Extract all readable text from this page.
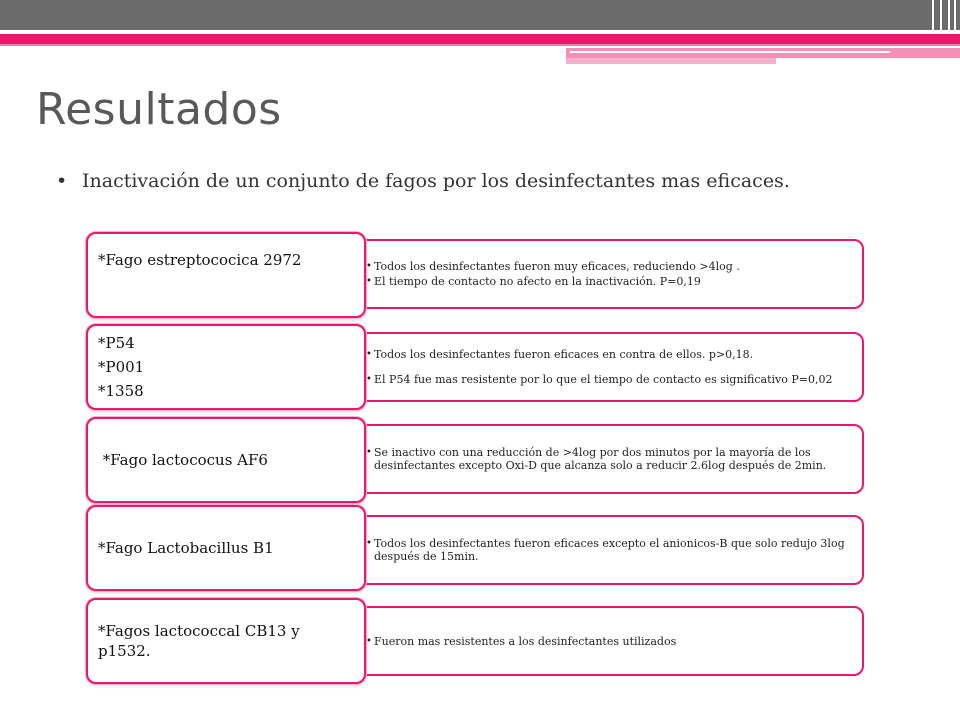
Resultados
• Inactivación de un conjunto de fagos por los desinfectantes mas eficaces.
• Todos los desinfectantes fueron muy eficaces, reduciendo >4log .
• El tiempo de contacto no afecto en la inactivación. P=0,19
*Fago estreptococica 2972
• Todos los desinfectantes fueron eficaces en contra de ellos. p>0,18.
• El P54 fue mas resistente por lo que el tiempo de contacto es significativo P=0,02
*P54
*P001
*1358
• Se inactivo con una reducción de >4log por dos minutos por la mayoría de los desinfectantes excepto Oxi-D que alcanza solo a reducir 2.6log después de 2min.
*Fago lactococus AF6
• Todos los desinfectantes fueron eficaces excepto el anionicos-B que solo redujo 3log después de 15min.
*Fago Lactobacillus B1
• Fueron mas resistentes a los desinfectantes utilizados
*Fagos lactococcal CB13 y p1532.
